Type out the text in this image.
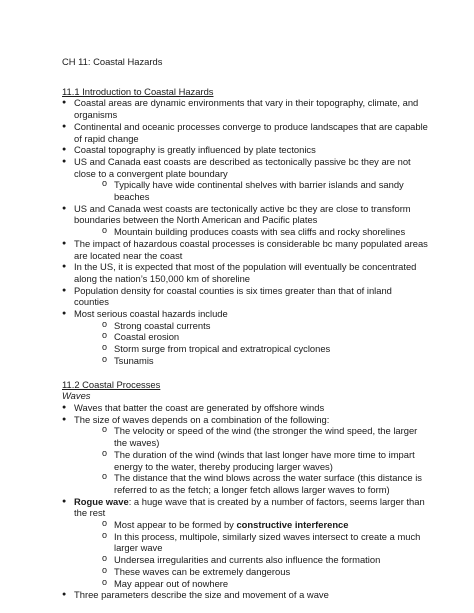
CH 11: Coastal Hazards

11.1 Introduction to Coastal Hazards

● Coastal areas are dynamic environments that vary in their topography, climate, and organisms
● Continental and oceanic processes converge to produce landscapes that are capable of rapid change
● Coastal topography is greatly influenced by plate tectonics
● US and Canada east coasts are described as tectonically passive bc they are not close to a convergent plate boundary
o Typically have wide continental shelves with barrier islands and sandy beaches
● US and Canada west coasts are tectonically active bc they are close to transform boundaries between the North American and Pacific plates
o Mountain building produces coasts with sea cliffs and rocky shorelines
● The impact of hazardous coastal processes is considerable bc many populated areas are located near the coast
● In the US, it is expected that most of the population will eventually be concentrated along the nation’s 150,000 km of shoreline
● Population density for coastal counties is six times greater than that of inland counties
● Most serious coastal hazards include
o Strong coastal currents
o Coastal erosion
o Storm surge from tropical and extratropical cyclones
o Tsunamis

11.2 Coastal Processes

Waves

● Waves that batter the coast are generated by offshore winds
● The size of waves depends on a combination of the following:
o The velocity or speed of the wind (the stronger the wind speed, the larger the waves)
o The duration of the wind (winds that last longer have more time to impart energy to the water, thereby producing larger waves)
o The distance that the wind blows across the water surface (this distance is referred to as the fetch; a longer fetch allows larger waves to form)
● Rogue wave: a huge wave that is created by a number of factors, seems larger than the rest
o Most appear to be formed by constructive interference
o In this process, multipole, similarly sized waves intersect to create a much larger wave
o Undersea irregularities and currents also influence the formation
o These waves can be extremely dangerous
o May appear out of nowhere
● Three parameters describe the size and movement of a wave
